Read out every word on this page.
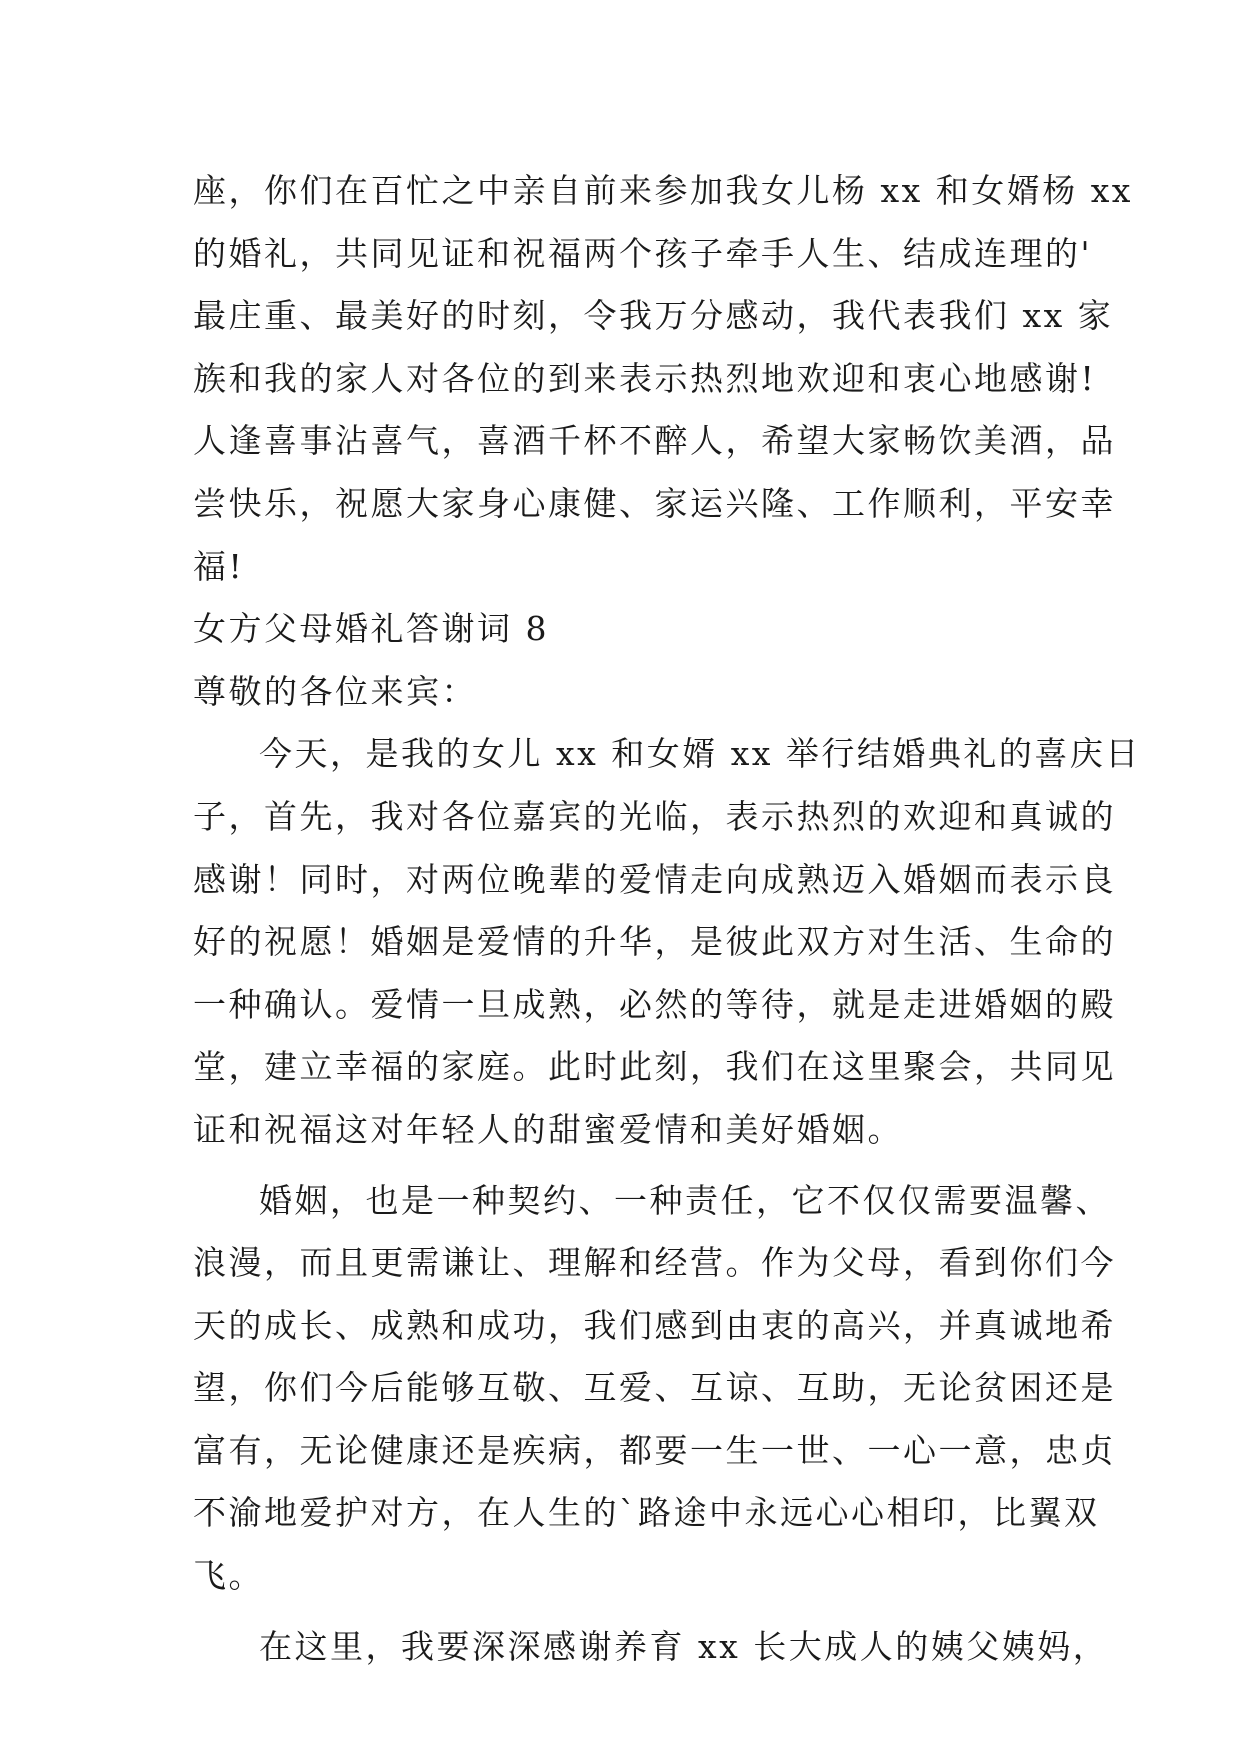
座，你们在百忙之中亲自前来参加我女儿杨 xx 和女婿杨 xx
的婚礼，共同见证和祝福两个孩子牵手人生、结成连理的'
最庄重、最美好的时刻，令我万分感动，我代表我们 xx 家
族和我的家人对各位的到来表示热烈地欢迎和衷心地感谢!
人逢喜事沾喜气，喜酒千杯不醉人，希望大家畅饮美酒，品
尝快乐，祝愿大家身心康健、家运兴隆、工作顺利，平安幸
福!
女方父母婚礼答谢词 8
尊敬的各位来宾：
今天，是我的女儿 xx 和女婿 xx 举行结婚典礼的喜庆日
子，首先，我对各位嘉宾的光临，表示热烈的欢迎和真诚的
感谢！同时，对两位晚辈的爱情走向成熟迈入婚姻而表示良
好的祝愿！婚姻是爱情的升华，是彼此双方对生活、生命的
一种确认。爱情一旦成熟，必然的等待，就是走进婚姻的殿
堂，建立幸福的家庭。此时此刻，我们在这里聚会，共同见
证和祝福这对年轻人的甜蜜爱情和美好婚姻。
婚姻，也是一种契约、一种责任，它不仅仅需要温馨、
浪漫，而且更需谦让、理解和经营。作为父母，看到你们今
天的成长、成熟和成功，我们感到由衷的高兴，并真诚地希
望，你们今后能够互敬、互爱、互谅、互助，无论贫困还是
富有，无论健康还是疾病，都要一生一世、一心一意，忠贞
不渝地爱护对方，在人生的`路途中永远心心相印，比翼双
飞。
在这里，我要深深感谢养育 xx 长大成人的姨父姨妈，
